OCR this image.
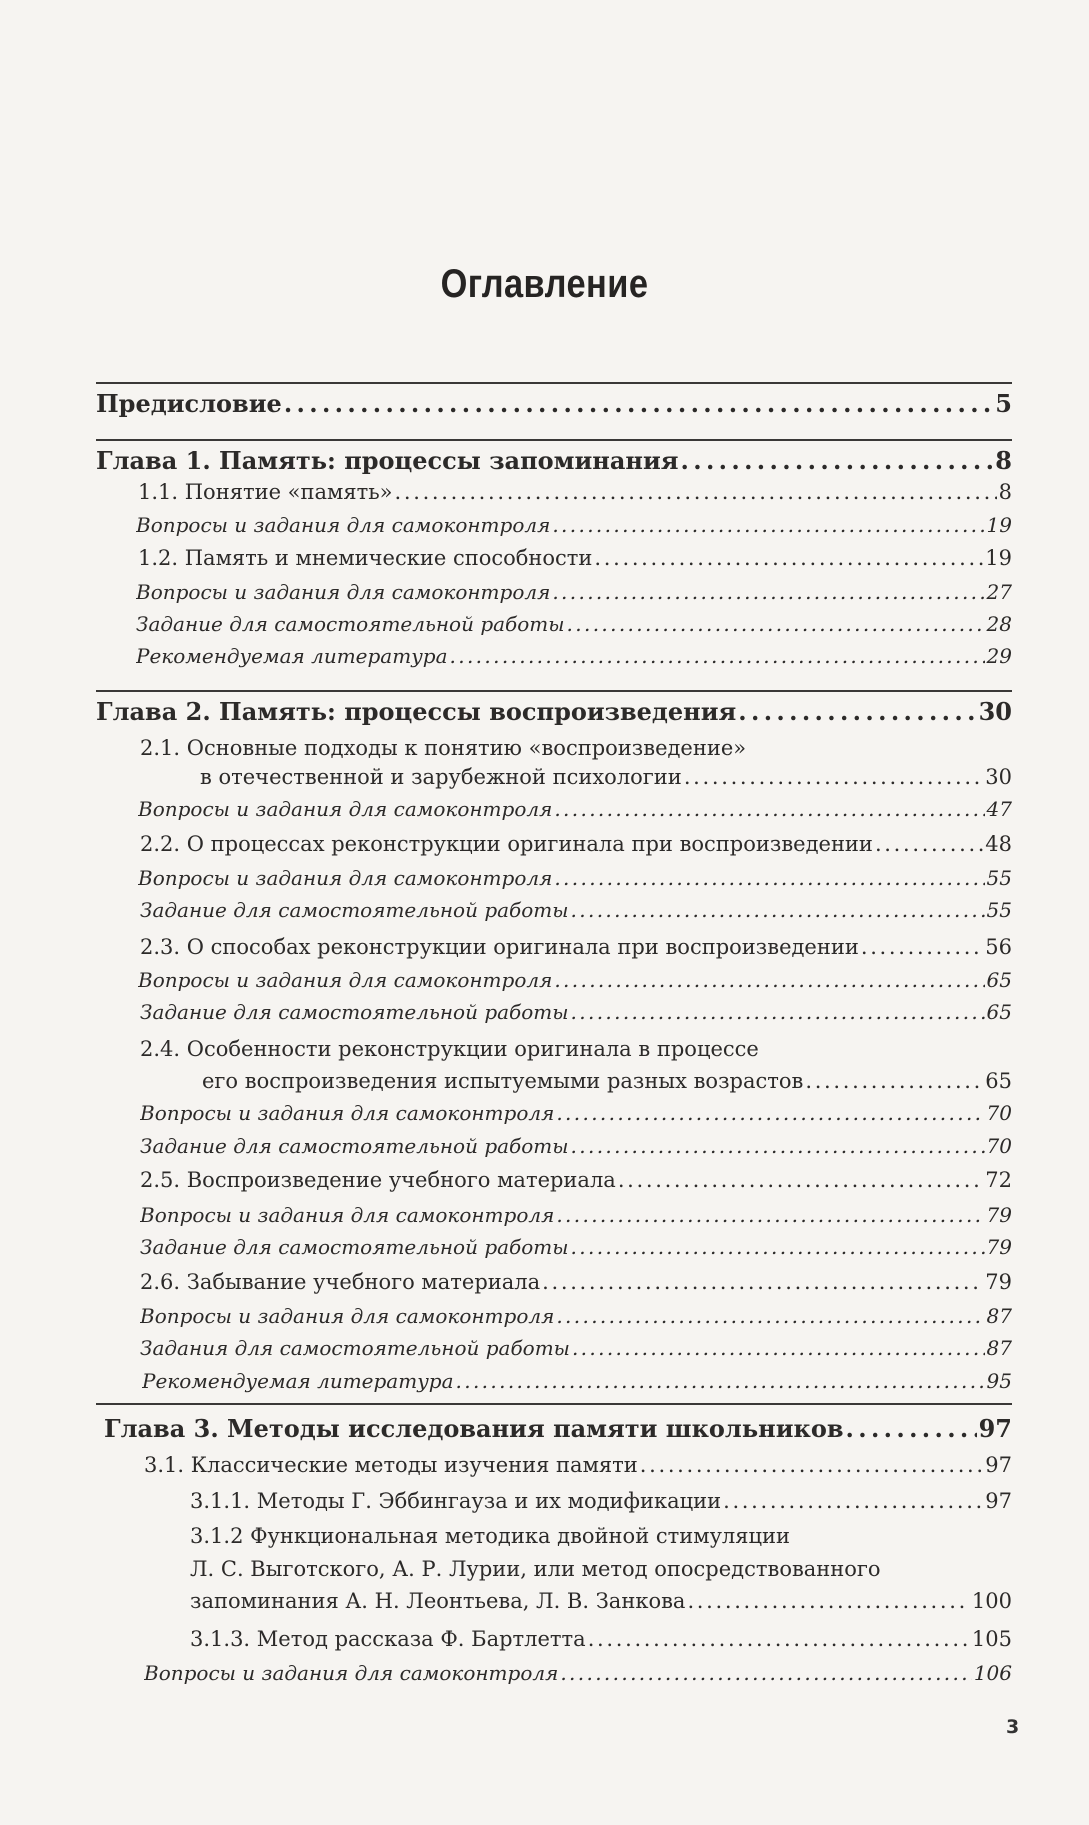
Оглавление
Предисловие . . .	5
Глава 1. Память: процессы запоминания . . .	8
1.1. Понятие «память» . . .	8
Вопросы и задания для самоконтроля . . .	19
1.2. Память и мнемические способности . . .	19
Вопросы и задания для самоконтроля . . .	27
Задание для самостоятельной работы . . .	28
Рекомендуемая литература . . .	29
Глава 2. Память: процессы воспроизведения . . .	30
2.1. Основные подходы к понятию «воспроизведение»
в отечественной и зарубежной психологии . . .	30
Вопросы и задания для самоконтроля . . .	47
2.2. О процессах реконструкции оригинала при воспроизведении . . .	48
Вопросы и задания для самоконтроля . . .	55
Задание для самостоятельной работы . . .	55
2.3. О способах реконструкции оригинала при воспроизведении . . .	56
Вопросы и задания для самоконтроля . . .	65
Задание для самостоятельной работы . . .	65
2.4. Особенности реконструкции оригинала в процессе
его воспроизведения испытуемыми разных возрастов . . .	65
Вопросы и задания для самоконтроля . . .	70
Задание для самостоятельной работы . . .	70
2.5. Воспроизведение учебного материала . . .	72
Вопросы и задания для самоконтроля . . .	79
Задание для самостоятельной работы . . .	79
2.6. Забывание учебного материала . . .	79
Вопросы и задания для самоконтроля . . .	87
Задания для самостоятельной работы . . .	87
Рекомендуемая литература . . .	95
Глава 3. Методы исследования памяти школьников . . .	97
3.1. Классические методы изучения памяти . . .	97
3.1.1. Методы Г. Эббингауза и их модификации . . .	97
3.1.2 Функциональная методика двойной стимуляции
Л. С. Выготского, А. Р. Лурии, или метод опосредствованного
запоминания А. Н. Леонтьева, Л. В. Занкова . . .	100
3.1.3. Метод рассказа Ф. Бартлетта . . .	105
Вопросы и задания для самоконтроля . . .	106
3
